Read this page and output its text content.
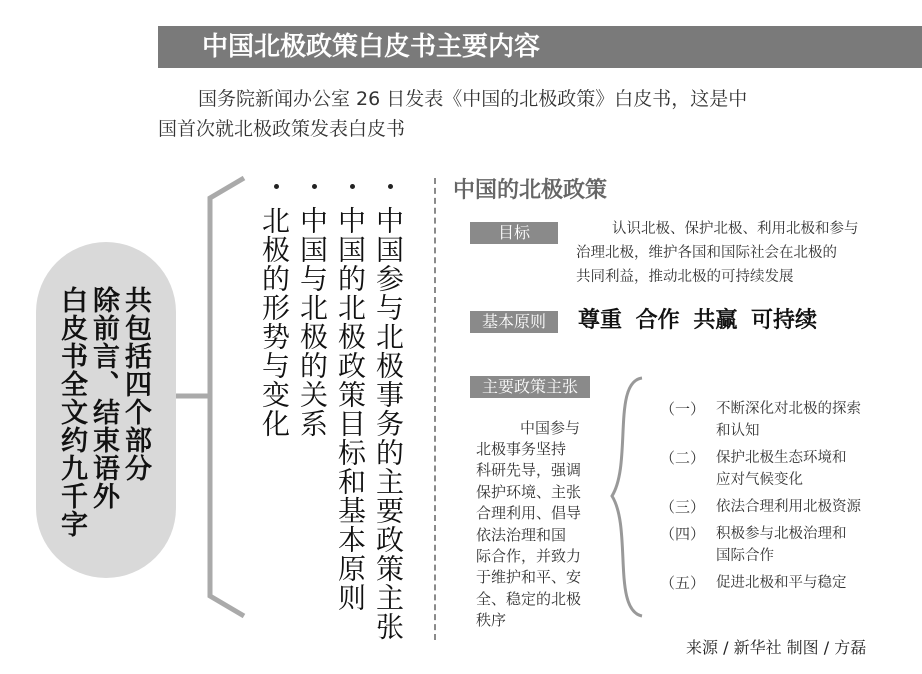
中国北极政策白皮书主要内容
国务院新闻办公室 26 日发表《中国的北极政策》白皮书，这是中
国首次就北极政策发表白皮书
共包括四个部分
除前言、结束语外
白皮书全文约九千字	中国参与北极事务的主要政策主张
中国的北极政策目标和基本原则
中国与北极的关系
北极的形势与变化
中国的北极政策
目标	认识北极、保护北极、利用北极和参与
治理北极，维护各国和国际社会在北极的
共同利益，推动北极的可持续发展
基本原则	尊重 合作 共赢 可持续
主要政策主张
中国参与
北极事务坚持
科研先导，强调
保护环境、主张
合理利用、倡导
依法治理和国
际合作，并致力
于维护和平、安
全、稳定的北极
秩序
（一） 不断深化对北极的探索
和认知
（二） 保护北极生态环境和
应对气候变化
（三） 依法合理利用北极资源
（四） 积极参与北极治理和
国际合作
（五） 促进北极和平与稳定
来源 / 新华社 制图 / 方磊
